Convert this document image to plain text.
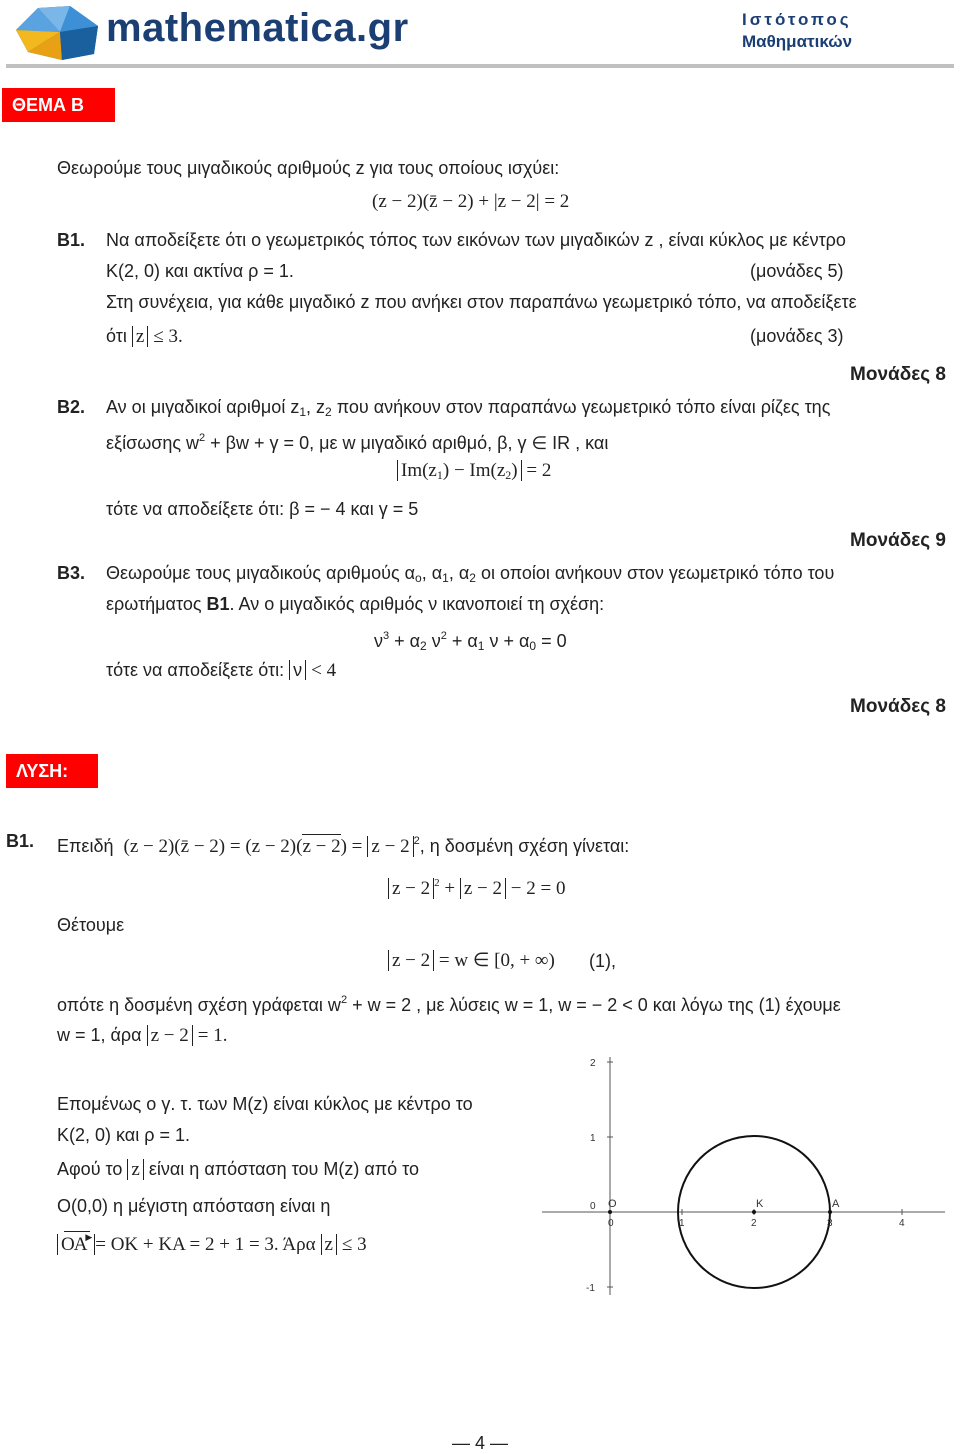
mathematica.gr	Ιστότοπος
Μαθηματικών
ΘΕΜΑ Β
Θεωρούμε τους μιγαδικούς αριθμούς z για τους οποίους ισχύει:
(z − 2)(z̄ − 2) + |z − 2| = 2
Β1. Να αποδείξετε ότι ο γεωμετρικός τόπος των εικόνων των μιγαδικών z , είναι κύκλος με κέντρο
Κ(2, 0) και ακτίνα ρ = 1.	(μονάδες 5)
Στη συνέχεια, για κάθε μιγαδικό z που ανήκει στον παραπάνω γεωμετρικό τόπο, να αποδείξετε
ότι z ≤ 3.	(μονάδες 3)
Μονάδες 8
Β2. Αν οι μιγαδικοί αριθμοί $z_1$, $z_2$ που ανήκουν στον παραπάνω γεωμετρικό τόπο είναι ρίζες της
εξίσωσης $w^2 + \beta w + \gamma = 0$, με w μιγαδικό αριθμό, β, γ ∈ IR , και
$Im(z_1) - Im(z_2) = 2$
τότε να αποδείξετε ότι: β = − 4 και γ = 5
Μονάδες 9
Β3. Θεωρούμε τους μιγαδικούς αριθμούς $\alpha_o$, $\alpha_1$, $\alpha_2$ οι οποίοι ανήκουν στον γεωμετρικό τόπο του
ερωτήματος Β1. Αν ο μιγαδικός αριθμός ν ικανοποιεί τη σχέση:
$\nu^3 + \alpha_2$ $\nu^2 + \alpha_1$ $\nu + \alpha_0 = 0$
τότε να αποδείξετε ότι: ν < 4
Μονάδες 8
ΛΥΣΗ:
Β1. Επειδή (z − 2)(z̄ − 2) = (z − 2)(z − 2) = z − 2 $^2$, η δοσμένη σχέση γίνεται:
z − 2 $^2$ + z − 2 − 2 = 0
Θέτουμε
z − 2 = w ∈ [0, + ∞) (1),
οπότε η δοσμένη σχέση γράφεται $w^2 + w = 2$ , με λύσεις w = 1, w = − 2 < 0 και λόγω της (1) έχουμε
w = 1, άρα z − 2 = 1.
Επομένως ο γ. τ. των Μ(z) είναι κύκλος με κέντρο το
Κ(2, 0) και ρ = 1.
Αφού το z είναι η απόσταση του Μ(z) από το
Ο(0,0) η μέγιστη απόσταση είναι η
▶
ΟΑ = ΟΚ + ΚΑ = 2 + 1 = 3. Άρα z ≤ 3
2
1
0
-1
O	K	A
0	1	2	3	4
— 4 —
